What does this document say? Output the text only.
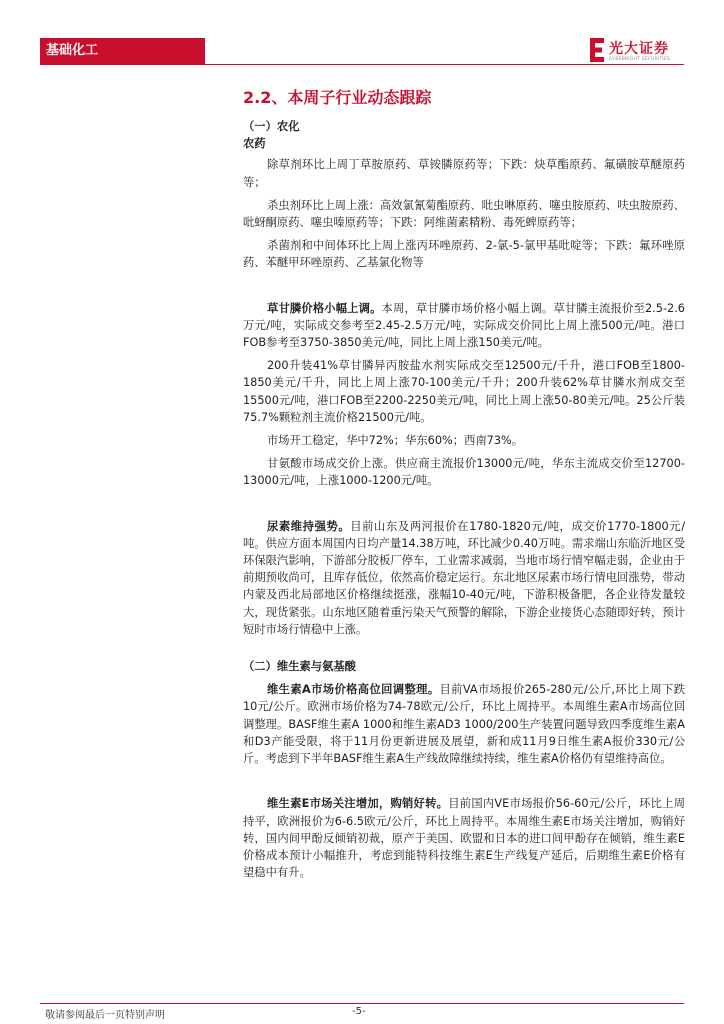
基础化工	光大证券
EVERBRIGHT SECURITIES
2.2、本周子行业动态跟踪

（一）农化

农药

除草剂环比上周丁草胺原药、草铵膦原药等；下跌：炔草酯原药、氟磺胺草醚原药等；

杀虫剂环比上周上涨：高效氯氰菊酯原药、吡虫啉原药、噻虫胺原药、呋虫胺原药、吡蚜酮原药、噻虫嗪原药等；下跌：阿维菌素精粉、毒死蜱原药等；

杀菌剂和中间体环比上周上涨丙环唑原药、2-氯-5-氯甲基吡啶等；下跌：氟环唑原药、苯醚甲环唑原药、乙基氯化物等

草甘膦价格小幅上调。本周，草甘膦市场价格小幅上调。草甘膦主流报价至2.5-2.6万元/吨，实际成交参考至2.45-2.5万元/吨，实际成交价同比上周上涨500元/吨。港口FOB参考至3750-3850美元/吨，同比上周上涨150美元/吨。

200升装41%草甘膦异丙胺盐水剂实际成交至12500元/千升，港口FOB至1800-1850美元/千升，同比上周上涨70-100美元/千升；200升装62%草甘膦水剂成交至15500元/吨，港口FOB至2200-2250美元/吨，同比上周上涨50-80美元/吨。25公斤装75.7%颗粒剂主流价格21500元/吨。

市场开工稳定，华中72%；华东60%；西南73%。

甘氨酸市场成交价上涨。供应商主流报价13000元/吨，华东主流成交价至12700-13000元/吨，上涨1000-1200元/吨。

尿素维持强势。目前山东及两河报价在1780-1820元/吨，成交价1770-1800元/吨。供应方面本周国内日均产量14.38万吨，环比减少0.40万吨。需求端山东临沂地区受环保限汽影响，下游部分胶板厂停车，工业需求减弱，当地市场行情窄幅走弱，企业由于前期预收尚可，且库存低位，依然高价稳定运行。东北地区尿素市场行情电回涨势，带动内蒙及西北局部地区价格继续挺涨，涨幅10-40元/吨，下游积极备肥，各企业待发量较大，现货紧张。山东地区随着重污染天气预警的解除，下游企业接货心态随即好转，预计短时市场行情稳中上涨。

（二）维生素与氨基酸

维生素A市场价格高位回调整理。目前VA市场报价265-280元/公斤,环比上周下跌10元/公斤。欧洲市场价格为74-78欧元/公斤，环比上周持平。本周维生素A市场高位回调整理。BASF维生素A 1000和维生素AD3 1000/200生产装置问题导致四季度维生素A和D3产能受限，将于11月份更新进展及展望，新和成11月9日维生素A报价330元/公斤。考虑到下半年BASF维生素A生产线故障继续持续，维生素A价格仍有望维持高位。

维生素E市场关注增加，购销好转。目前国内VE市场报价56-60元/公斤，环比上周持平，欧洲报价为6-6.5欧元/公斤，环比上周持平。本周维生素E市场关注增加，购销好转，国内间甲酚反倾销初裁，原产于美国、欧盟和日本的进口间甲酚存在倾销，维生素E价格成本预计小幅推升，考虑到能特科技维生素E生产线复产延后，后期维生素E价格有望稳中有升。

敬请参阅最后一页特别声明	-5-
